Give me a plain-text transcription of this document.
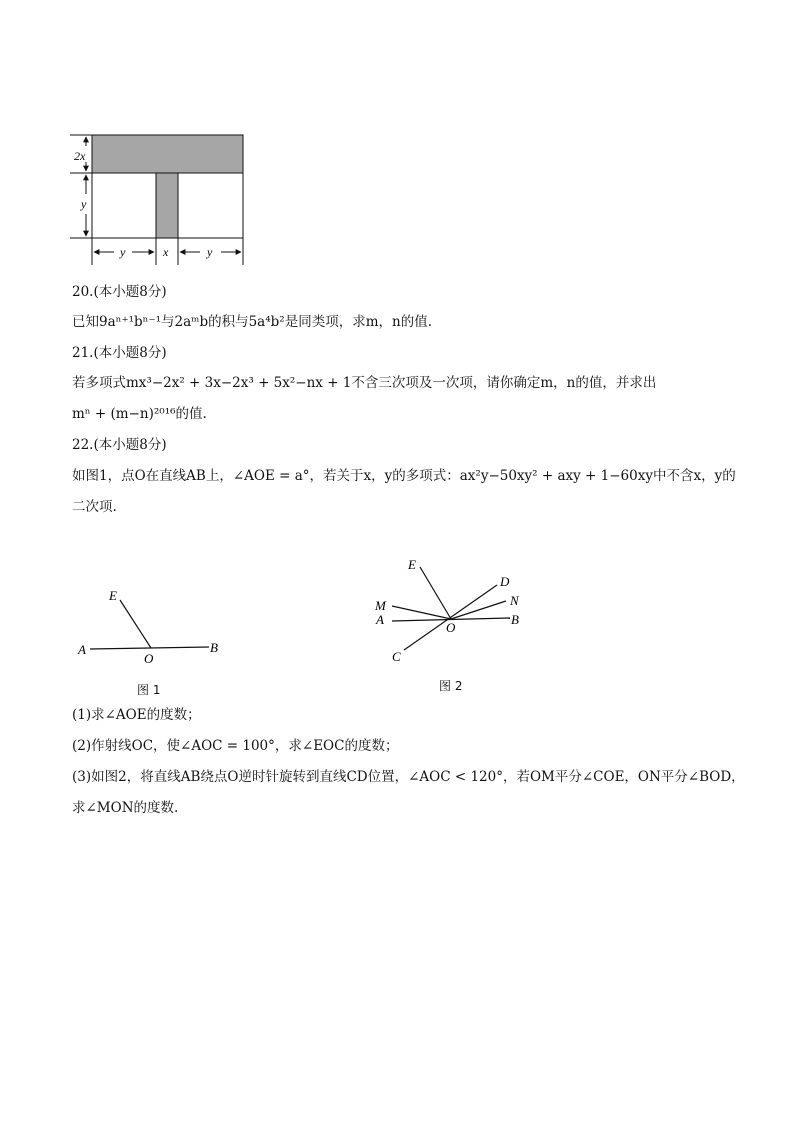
2x
y
y	x	y
20.(本小题8分)
已知9aⁿ⁺¹bⁿ⁻¹与2aᵐb的积与5a⁴b²是同类项，求m，n的值.
21.(本小题8分)
若多项式mx³−2x² + 3x−2x³ + 5x²−nx + 1不含三次项及一次项，请你确定m，n的值，并求出
mⁿ + (m−n)²⁰¹⁶的值.
22.(本小题8分)
如图1，点O在直线AB上，∠AOE = a°，若关于x，y的多项式：ax²y−50xy² + axy + 1−60xy中不含x，y的
二次项.
E
A
O
B
图 1
E
D
M	N
A
O
B
C
图 2
(1)求∠AOE的度数；
(2)作射线OC，使∠AOC = 100°，求∠EOC的度数；
(3)如图2，将直线AB绕点O逆时针旋转到直线CD位置，∠AOC < 120°，若OM平分∠COE，ON平分∠BOD，
求∠MON的度数.
